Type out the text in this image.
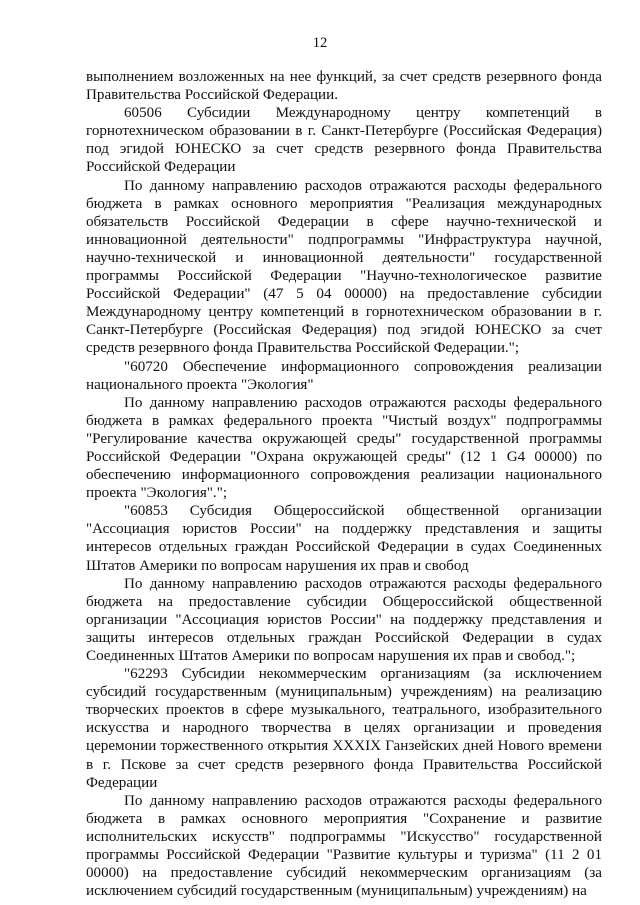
12

выполнением возложенных на нее функций, за счет средств резервного фонда Правительства Российской Федерации.

60506 Субсидии Международному центру компетенций в горнотехническом образовании в г. Санкт-Петербурге (Российская Федерация) под эгидой ЮНЕСКО за счет средств резервного фонда Правительства Российской Федерации

По данному направлению расходов отражаются расходы федерального бюджета в рамках основного мероприятия "Реализация международных обязательств Российской Федерации в сфере научно-технической и инновационной деятельности" подпрограммы "Инфраструктура научной, научно-технической и инновационной деятельности" государственной программы Российской Федерации "Научно-технологическое развитие Российской Федерации" (47 5 04 00000) на предоставление субсидии Международному центру компетенций в горнотехническом образовании в г. Санкт-Петербурге (Российская Федерация) под эгидой ЮНЕСКО за счет средств резервного фонда Правительства Российской Федерации.";

"60720 Обеспечение информационного сопровождения реализации национального проекта "Экология"

По данному направлению расходов отражаются расходы федерального бюджета в рамках федерального проекта "Чистый воздух" подпрограммы "Регулирование качества окружающей среды" государственной программы Российской Федерации "Охрана окружающей среды" (12 1 G4 00000) по обеспечению информационного сопровождения реализации национального проекта "Экология".";

"60853 Субсидия Общероссийской общественной организации "Ассоциация юристов России" на поддержку представления и защиты интересов отдельных граждан Российской Федерации в судах Соединенных Штатов Америки по вопросам нарушения их прав и свобод

По данному направлению расходов отражаются расходы федерального бюджета на предоставление субсидии Общероссийской общественной организации "Ассоциация юристов России" на поддержку представления и защиты интересов отдельных граждан Российской Федерации в судах Соединенных Штатов Америки по вопросам нарушения их прав и свобод.";

"62293 Субсидии некоммерческим организациям (за исключением субсидий государственным (муниципальным) учреждениям) на реализацию творческих проектов в сфере музыкального, театрального, изобразительного искусства и народного творчества в целях организации и проведения церемонии торжественного открытия XXXIX Ганзейских дней Нового времени в г. Пскове за счет средств резервного фонда Правительства Российской Федерации

По данному направлению расходов отражаются расходы федерального бюджета в рамках основного мероприятия "Сохранение и развитие исполнительских искусств" подпрограммы "Искусство" государственной программы Российской Федерации "Развитие культуры и туризма" (11 2 01 00000) на предоставление субсидий некоммерческим организациям (за исключением субсидий государственным (муниципальным) учреждениям) на
